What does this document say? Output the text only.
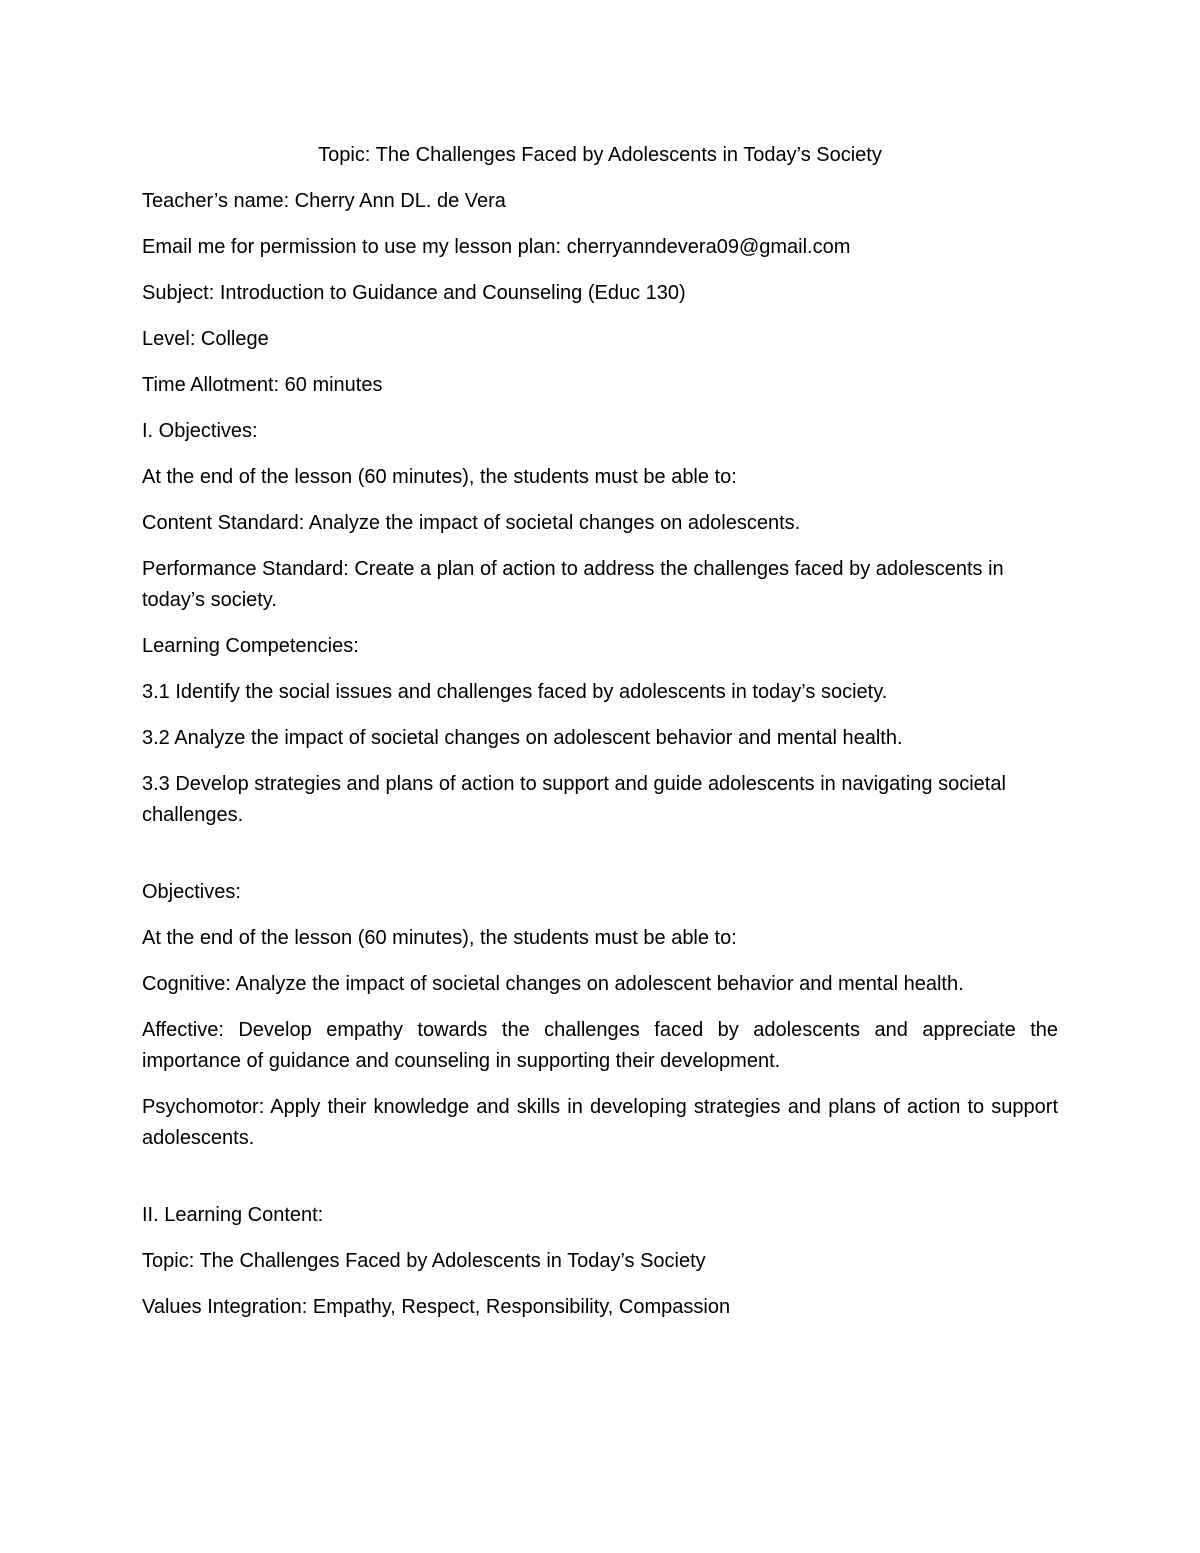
Topic: The Challenges Faced by Adolescents in Today’s Society
Teacher’s name: Cherry Ann DL. de Vera
Email me for permission to use my lesson plan: cherryanndevera09@gmail.com
Subject: Introduction to Guidance and Counseling (Educ 130)
Level: College
Time Allotment: 60 minutes
I. Objectives:
At the end of the lesson (60 minutes), the students must be able to:
Content Standard: Analyze the impact of societal changes on adolescents.
Performance Standard: Create a plan of action to address the challenges faced by adolescents in today’s society.
Learning Competencies:
3.1 Identify the social issues and challenges faced by adolescents in today’s society.
3.2 Analyze the impact of societal changes on adolescent behavior and mental health.
3.3 Develop strategies and plans of action to support and guide adolescents in navigating societal challenges.
Objectives:
At the end of the lesson (60 minutes), the students must be able to:
Cognitive: Analyze the impact of societal changes on adolescent behavior and mental health.
Affective: Develop empathy towards the challenges faced by adolescents and appreciate the importance of guidance and counseling in supporting their development.
Psychomotor: Apply their knowledge and skills in developing strategies and plans of action to support adolescents.
II. Learning Content:
Topic: The Challenges Faced by Adolescents in Today’s Society
Values Integration: Empathy, Respect, Responsibility, Compassion
